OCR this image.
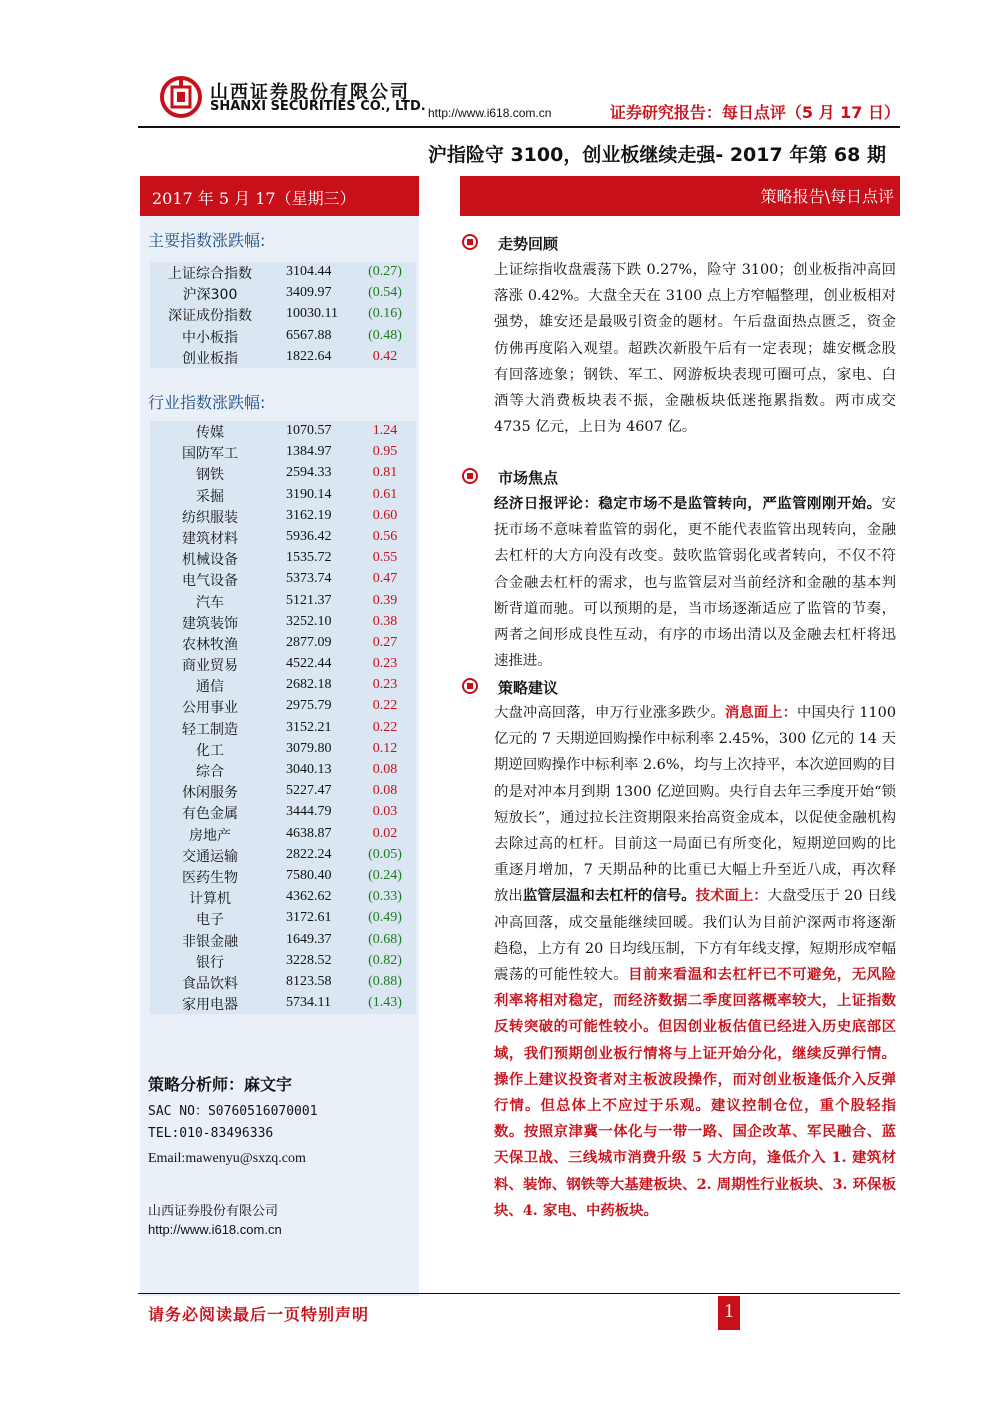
山西证券股份有限公司
SHANXI SECURITIES CO., LTD. http://www.i618.com.cn	证券研究报告：每日点评（5 月 17 日）
沪指险守 3100，创业板继续走强- 2017 年第 68 期
2017 年 5 月 17（星期三）	策略报告\每日点评
主要指数涨跌幅:
上证综合指数	3104.44	(0.27)
沪深300	3409.97	(0.54)
深证成份指数	10030.11	(0.16)
中小板指	6567.88	(0.48)
创业板指	1822.64	0.42
行业指数涨跌幅:
传媒	1070.57	1.24
国防军工	1384.97	0.95
钢铁	2594.33	0.81
采掘	3190.14	0.61
纺织服装	3162.19	0.60
建筑材料	5936.42	0.56
机械设备	1535.72	0.55
电气设备	5373.74	0.47
汽车	5121.37	0.39
建筑装饰	3252.10	0.38
农林牧渔	2877.09	0.27
商业贸易	4522.44	0.23
通信	2682.18	0.23
公用事业	2975.79	0.22
轻工制造	3152.21	0.22
化工	3079.80	0.12
综合	3040.13	0.08
休闲服务	5227.47	0.08
有色金属	3444.79	0.03
房地产	4638.87	0.02
交通运输	2822.24	(0.05)
医药生物	7580.40	(0.24)
计算机	4362.62	(0.33)
电子	3172.61	(0.49)
非银金融	1649.37	(0.68)
银行	3228.52	(0.82)
食品饮料	8123.58	(0.88)
家用电器	5734.11	(1.43)
策略分析师：麻文宇
SAC NO：S0760516070001
TEL:010-83496336
Email:mawenyu@sxzq.com
山西证券股份有限公司
http://www.i618.com.cn
走势回顾
上证综指收盘震荡下跌 0.27%，险守 3100；创业板指冲高回落涨 0.42%。大盘全天在 3100 点上方窄幅整理，创业板相对强势，雄安还是最吸引资金的题材。午后盘面热点匮乏，资金仿佛再度陷入观望。超跌次新股午后有一定表现；雄安概念股有回落迹象；钢铁、军工、网游板块表现可圈可点，家电、白酒等大消费板块表不振，金融板块低迷拖累指数。两市成交 4735 亿元，上日为 4607 亿。
市场焦点
经济日报评论：稳定市场不是监管转向，严监管刚刚开始。安抚市场不意味着监管的弱化，更不能代表监管出现转向，金融去杠杆的大方向没有改变。鼓吹监管弱化或者转向，不仅不符合金融去杠杆的需求，也与监管层对当前经济和金融的基本判断背道而驰。可以预期的是，当市场逐渐适应了监管的节奏，两者之间形成良性互动，有序的市场出清以及金融去杠杆将迅速推进。
策略建议
大盘冲高回落，申万行业涨多跌少。消息面上：中国央行 1100 亿元的 7 天期逆回购操作中标利率 2.45%，300 亿元的 14 天期逆回购操作中标利率 2.6%，均与上次持平，本次逆回购的目的是对冲本月到期 1300 亿逆回购。央行自去年三季度开始“锁短放长”，通过拉长注资期限来抬高资金成本，以促使金融机构去除过高的杠杆。目前这一局面已有所变化，短期逆回购的比重逐月增加，7 天期品种的比重已大幅上升至近八成，再次释放出监管层温和去杠杆的信号。技术面上：大盘受压于 20 日线冲高回落，成交量能继续回暖。我们认为目前沪深两市将逐渐趋稳，上方有 20 日均线压制，下方有年线支撑，短期形成窄幅震荡的可能性较大。目前来看温和去杠杆已不可避免，无风险利率将相对稳定，而经济数据二季度回落概率较大，上证指数反转突破的可能性较小。但因创业板估值已经进入历史底部区域，我们预期创业板行情将与上证开始分化，继续反弹行情。操作上建议投资者对主板波段操作，而对创业板逢低介入反弹行情。但总体上不应过于乐观。建议控制仓位，重个股轻指数。按照京津冀一体化与一带一路、国企改革、军民融合、蓝天保卫战、三线城市消费升级 5 大方向，逢低介入 1. 建筑材料、装饰、钢铁等大基建板块、2. 周期性行业板块、3. 环保板块、4. 家电、中药板块。
请务必阅读最后一页特别声明	1
